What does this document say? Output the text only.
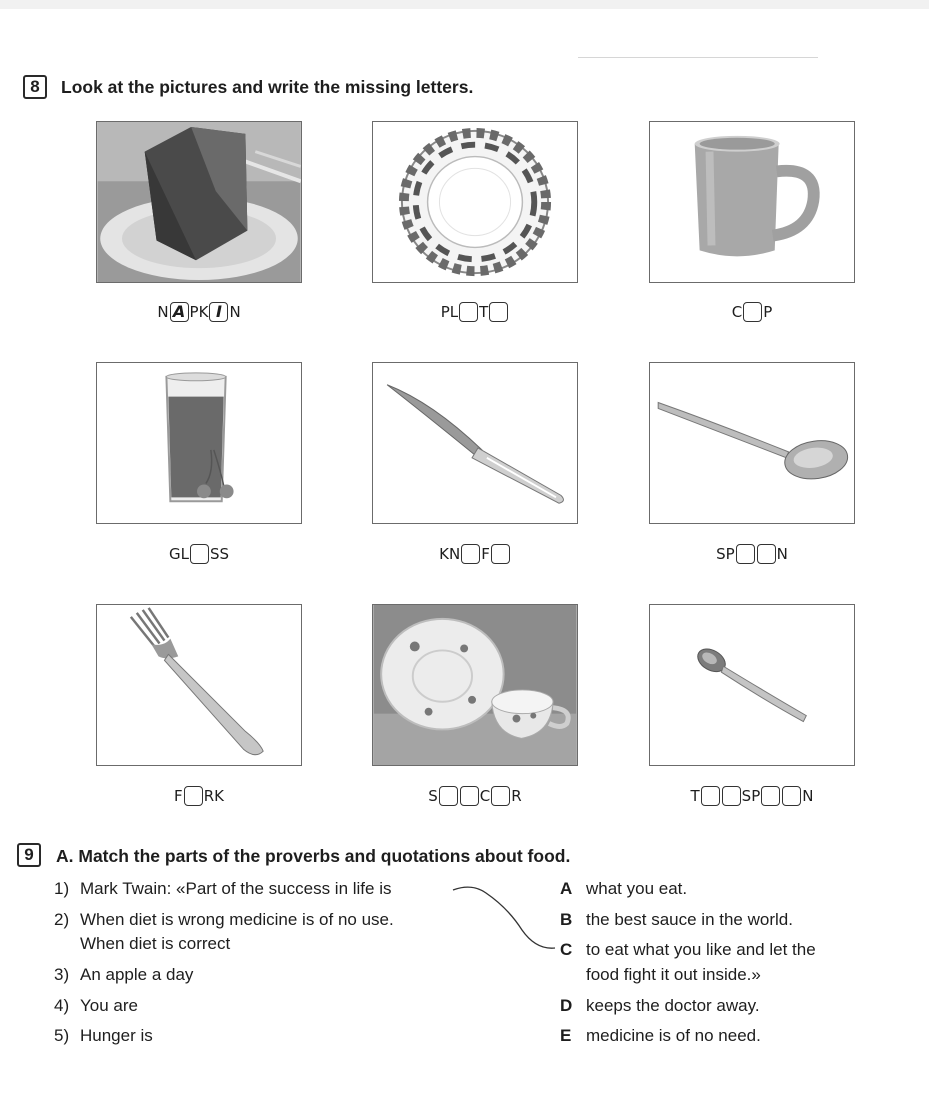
8	Look at the pictures and write the missing letters.
N A PK I N	PL T	C P
GL SS	KN F	SP	N
F RK	S	C R	T	SP	N
9	A. Match the parts of the proverbs and quotations about food.
1) Mark Twain: «Part of the success in life is
2) When diet is wrong medicine is of no use.
When diet is correct
3) An apple a day
4) You are
5) Hunger is
A what you eat.
B the best sauce in the world.
C to eat what you like and let the
food fight it out inside.»
D keeps the doctor away.
E medicine is of no need.
